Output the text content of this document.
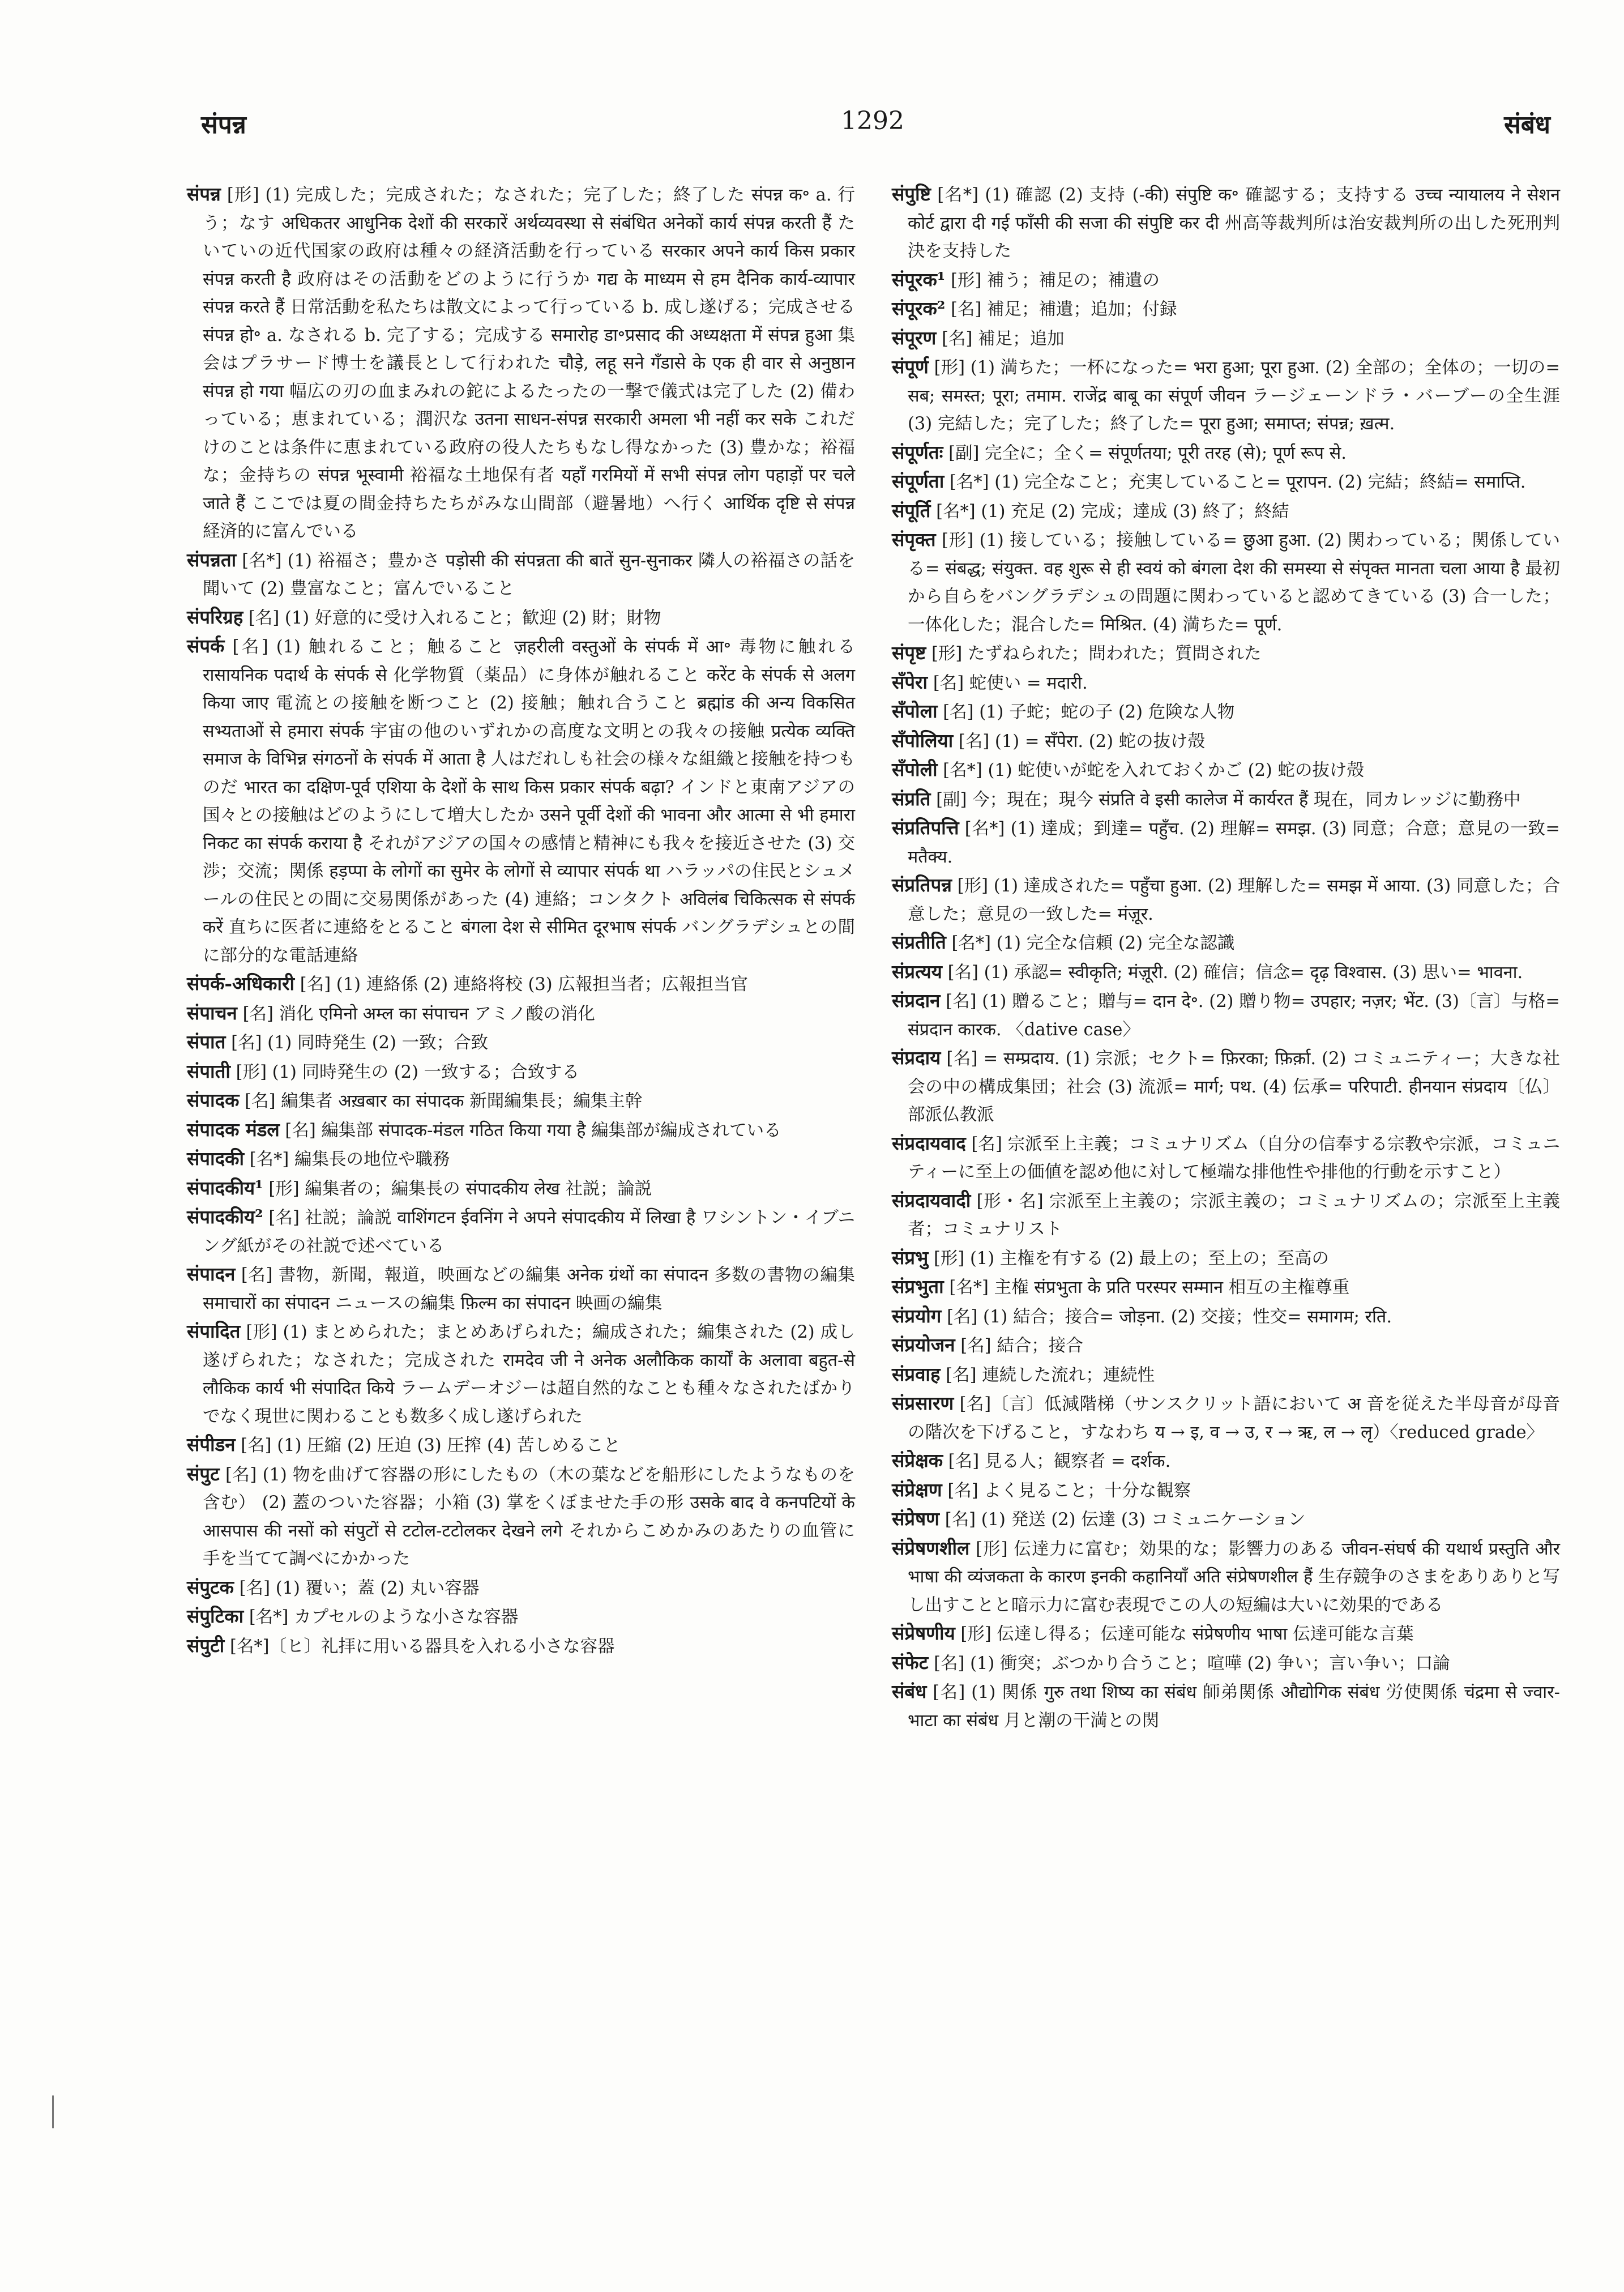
संपन्न	1292	संबंध
संपन्न [形] (1) 完成した；完成された；なされた；完了した；終了した संपन्न क॰ a. 行う；なす अधिकतर आधुनिक देशों की सरकारें अर्थव्यवस्था से संबंधित अनेकों कार्य संपन्न करती हैं たいていの近代国家の政府は種々の経済活動を行っている सरकार अपने कार्य किस प्रकार संपन्न करती है 政府はその活動をどのように行うか गद्य के माध्यम से हम दैनिक कार्य-व्यापार संपन्न करते हैं 日常活動を私たちは散文によって行っている b. 成し遂げる；完成させる संपन्न हो॰ a. なされる b. 完了する；完成する समारोह डा॰प्रसाद की अध्यक्षता में संपन्न हुआ 集会はプラサード博士を議長として行われた चौड़े, लहू सने गँडासे के एक ही वार से अनुष्ठान संपन्न हो गया 幅広の刃の血まみれの鉈によるたったの一撃で儀式は完了した (2) 備わっている；恵まれている；潤沢な उतना साधन-संपन्न सरकारी अमला भी नहीं कर सके これだけのことは条件に恵まれている政府の役人たちもなし得なかった (3) 豊かな；裕福な；金持ちの संपन्न भूस्वामी 裕福な土地保有者 यहाँ गरमियों में सभी संपन्न लोग पहाड़ों पर चले जाते हैं ここでは夏の間金持ちたちがみな山間部（避暑地）へ行く आर्थिक दृष्टि से संपन्न 経済的に富んでいる
संपन्नता [名*] (1) 裕福さ；豊かさ पड़ोसी की संपन्नता की बातें सुन-सुनाकर 隣人の裕福さの話を聞いて (2) 豊富なこと；富んでいること
संपरिग्रह [名] (1) 好意的に受け入れること；歓迎 (2) 財；財物
संपर्क [名] (1) 触れること；触ること ज़हरीली वस्तुओं के संपर्क में आ॰ 毒物に触れる रासायनिक पदार्थ के संपर्क से 化学物質（薬品）に身体が触れること करेंट के संपर्क से अलग किया जाए 電流との接触を断つこと (2) 接触；触れ合うこと ब्रह्मांड की अन्य विकसित सभ्यताओं से हमारा संपर्क 宇宙の他のいずれかの高度な文明との我々の接触 प्रत्येक व्यक्ति समाज के विभिन्न संगठनों के संपर्क में आता है 人はだれしも社会の様々な組織と接触を持つものだ भारत का दक्षिण-पूर्व एशिया के देशों के साथ किस प्रकार संपर्क बढ़ा? インドと東南アジアの国々との接触はどのようにして増大したか उसने पूर्वी देशों की भावना और आत्मा से भी हमारा निकट का संपर्क कराया है それがアジアの国々の感情と精神にも我々を接近させた (3) 交渉；交流；関係 हड़प्पा के लोगों का सुमेर के लोगों से व्यापार संपर्क था ハラッパの住民とシュメールの住民との間に交易関係があった (4) 連絡；コンタクト अविलंब चिकित्सक से संपर्क करें 直ちに医者に連絡をとること बंगला देश से सीमित दूरभाष संपर्क バングラデシュとの間に部分的な電話連絡
संपर्क-अधिकारी [名] (1) 連絡係 (2) 連絡将校 (3) 広報担当者；広報担当官
संपाचन [名] 消化 एमिनो अम्ल का संपाचन アミノ酸の消化
संपात [名] (1) 同時発生 (2) 一致；合致
संपाती [形] (1) 同時発生の (2) 一致する；合致する
संपादक [名] 編集者 अख़बार का संपादक 新聞編集長；編集主幹
संपादक मंडल [名] 編集部 संपादक-मंडल गठित किया गया है 編集部が編成されている
संपादकी [名*] 編集長の地位や職務
संपादकीय¹ [形] 編集者の；編集長の संपादकीय लेख 社説；論説
संपादकीय² [名] 社説；論説 वाशिंगटन ईवनिंग ने अपने संपादकीय में लिखा है ワシントン・イブニング紙がその社説で述べている
संपादन [名] 書物，新聞，報道，映画などの編集 अनेक ग्रंथों का संपादन 多数の書物の編集 समाचारों का संपादन ニュースの編集 फ़िल्म का संपादन 映画の編集
संपादित [形] (1) まとめられた；まとめあげられた；編成された；編集された (2) 成し遂げられた；なされた；完成された रामदेव जी ने अनेक अलौकिक कार्यों के अलावा बहुत-से लौकिक कार्य भी संपादित किये ラームデーオジーは超自然的なことも種々なされたばかりでなく現世に関わることも数多く成し遂げられた
संपीडन [名] (1) 圧縮 (2) 圧迫 (3) 圧搾 (4) 苦しめること
संपुट [名] (1) 物を曲げて容器の形にしたもの（木の葉などを船形にしたようなものを含む） (2) 蓋のついた容器；小箱 (3) 掌をくぼませた手の形 उसके बाद वे कनपटियों के आसपास की नसों को संपुटों से टटोल-टटोलकर देखने लगे それからこめかみのあたりの血管に手を当てて調べにかかった
संपुटक [名] (1) 覆い；蓋 (2) 丸い容器
संपुटिका [名*] カプセルのような小さな容器
संपुटी [名*]〔ヒ〕礼拝に用いる器具を入れる小さな容器
संपुष्टि [名*] (1) 確認 (2) 支持 (-की) संपुष्टि क॰ 確認する；支持する उच्च न्यायालय ने सेशन कोर्ट द्वारा दी गई फाँसी की सजा की संपुष्टि कर दी 州高等裁判所は治安裁判所の出した死刑判決を支持した
संपूरक¹ [形] 補う；補足の；補遺の
संपूरक² [名] 補足；補遺；追加；付録
संपूरण [名] 補足；追加
संपूर्ण [形] (1) 満ちた；一杯になった= भरा हुआ; पूरा हुआ. (2) 全部の；全体の；一切の= सब; समस्त; पूरा; तमाम. राजेंद्र बाबू का संपूर्ण जीवन ラージェーンドラ・バーブーの全生涯 (3) 完結した；完了した；終了した= पूरा हुआ; समाप्त; संपन्न; ख़त्म.
संपूर्णतः [副] 完全に；全く= संपूर्णतया; पूरी तरह (से); पूर्ण रूप से.
संपूर्णता [名*] (1) 完全なこと；充実していること= पूरापन. (2) 完結；終結= समाप्ति.
संपूर्ति [名*] (1) 充足 (2) 完成；達成 (3) 終了；終結
संपृक्त [形] (1) 接している；接触している= छुआ हुआ. (2) 関わっている；関係している= संबद्ध; संयुक्त. वह शुरू से ही स्वयं को बंगला देश की समस्या से संपृक्त मानता चला आया है 最初から自らをバングラデシュの問題に関わっていると認めてきている (3) 合一した；一体化した；混合した= मिश्रित. (4) 満ちた= पूर्ण.
संपृष्ट [形] たずねられた；問われた；質問された
सँपेरा [名] 蛇使い = मदारी.
सँपोला [名] (1) 子蛇；蛇の子 (2) 危険な人物
सँपोलिया [名] (1) = सँपेरा. (2) 蛇の抜け殻
सँपोली [名*] (1) 蛇使いが蛇を入れておくかご (2) 蛇の抜け殻
संप्रति [副] 今；現在；現今 संप्रति वे इसी कालेज में कार्यरत हैं 現在，同カレッジに勤務中
संप्रतिपत्ति [名*] (1) 達成；到達= पहुँच. (2) 理解= समझ. (3) 同意；合意；意見の一致= मतैक्य.
संप्रतिपन्न [形] (1) 達成された= पहुँचा हुआ. (2) 理解した= समझ में आया. (3) 同意した；合意した；意見の一致した= मंज़ूर.
संप्रतीति [名*] (1) 完全な信頼 (2) 完全な認識
संप्रत्यय [名] (1) 承認= स्वीकृति; मंज़ूरी. (2) 確信；信念= दृढ़ विश्वास. (3) 思い= भावना.
संप्रदान [名] (1) 贈ること；贈与= दान दे॰. (2) 贈り物= उपहार; नज़र; भेंट. (3)〔言〕与格= संप्रदान कारक. 〈dative case〉
संप्रदाय [名] = सम्प्रदाय. (1) 宗派；セクト= फ़िरका; फ़िर्क़ा. (2) コミュニティー；大きな社会の中の構成集団；社会 (3) 流派= मार्ग; पथ. (4) 伝承= परिपाटी. हीनयान संप्रदाय〔仏〕部派仏教派
संप्रदायवाद [名] 宗派至上主義；コミュナリズム（自分の信奉する宗教や宗派，コミュニティーに至上の価値を認め他に対して極端な排他性や排他的行動を示すこと）
संप्रदायवादी [形・名] 宗派至上主義の；宗派主義の；コミュナリズムの；宗派至上主義者；コミュナリスト
संप्रभु [形] (1) 主権を有する (2) 最上の；至上の；至高の
संप्रभुता [名*] 主権 संप्रभुता के प्रति परस्पर सम्मान 相互の主権尊重
संप्रयोग [名] (1) 結合；接合= जोड़ना. (2) 交接；性交= समागम; रति.
संप्रयोजन [名] 結合；接合
संप्रवाह [名] 連続した流れ；連続性
संप्रसारण [名]〔言〕低減階梯（サンスクリット語において अ 音を従えた半母音が母音の階次を下げること，すなわち य → इ, व → उ, र → ऋ, ल → लृ）〈reduced grade〉
संप्रेक्षक [名] 見る人；観察者 = दर्शक.
संप्रेक्षण [名] よく見ること；十分な観察
संप्रेषण [名] (1) 発送 (2) 伝達 (3) コミュニケーション
संप्रेषणशील [形] 伝達力に富む；効果的な；影響力のある जीवन-संघर्ष की यथार्थ प्रस्तुति और भाषा की व्यंजकता के कारण इनकी कहानियाँ अति संप्रेषणशील हैं 生存競争のさまをありありと写し出すことと暗示力に富む表現でこの人の短編は大いに効果的である
संप्रेषणीय [形] 伝達し得る；伝達可能な संप्रेषणीय भाषा 伝達可能な言葉
संफेट [名] (1) 衝突；ぶつかり合うこと；喧嘩 (2) 争い；言い争い；口論
संबंध [名] (1) 関係 गुरु तथा शिष्य का संबंध 師弟関係 औद्योगिक संबंध 労使関係 चंद्रमा से ज्वार-भाटा का संबंध 月と潮の干満との関
